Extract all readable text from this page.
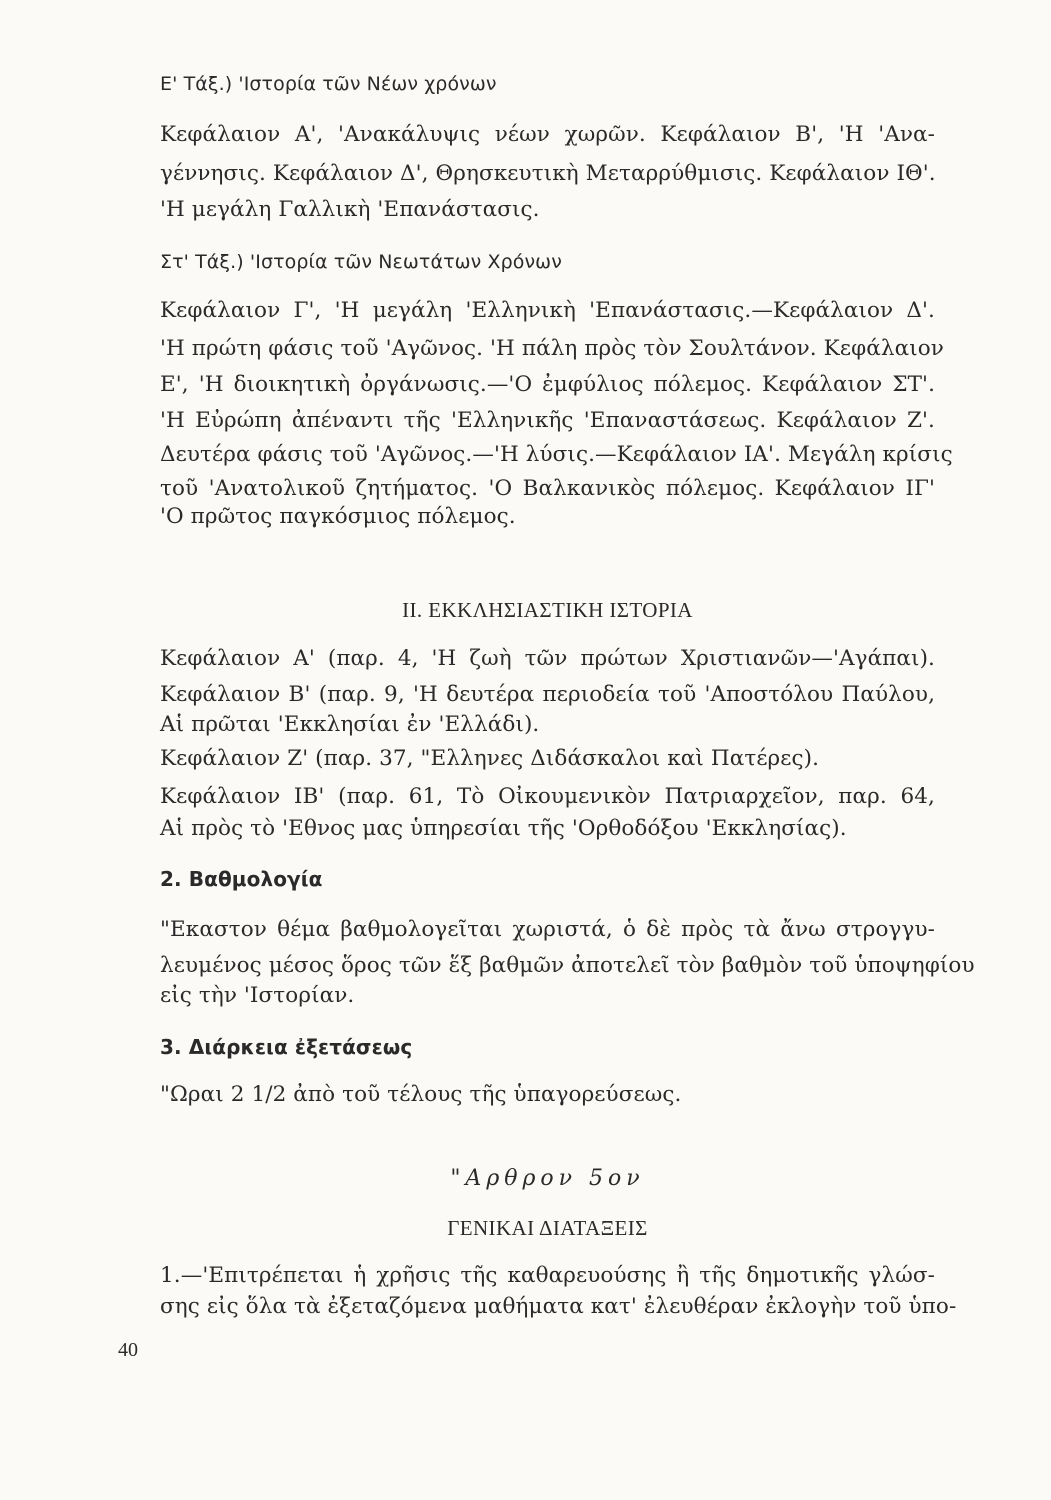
Ε' Τάξ.) 'Ιστορία τῶν Νέων χρόνων
Κεφάλαιον Α', 'Ανακάλυψις νέων χωρῶν. Κεφάλαιον Β', 'Η 'Ανα-
γέννησις. Κεφάλαιον Δ', Θρησκευτικὴ Μεταρρύθμισις. Κεφάλαιον ΙΘ'.
'Η μεγάλη Γαλλικὴ 'Επανάστασις.
Στ' Τάξ.) 'Ιστορία τῶν Νεωτάτων Χρόνων
Κεφάλαιον Γ', 'Η μεγάλη 'Ελληνικὴ 'Επανάστασις.—Κεφάλαιον Δ'.
'Η πρώτη φάσις τοῦ 'Αγῶνος. 'Η πάλη πρὸς τὸν Σουλτάνον. Κεφάλαιον
Ε', 'Η διοικητικὴ ὀργάνωσις.—'Ο ἐμφύλιος πόλεμος. Κεφάλαιον ΣΤ'.
'Η Εὐρώπη ἀπέναντι τῆς 'Ελληνικῆς 'Επαναστάσεως. Κεφάλαιον Ζ'.
Δευτέρα φάσις τοῦ 'Αγῶνος.—'Η λύσις.—Κεφάλαιον ΙΑ'. Μεγάλη κρίσις
τοῦ 'Ανατολικοῦ ζητήματος. 'Ο Βαλκανικὸς πόλεμος. Κεφάλαιον ΙΓ'
'Ο πρῶτος παγκόσμιος πόλεμος.
ΙΙ. ΕΚΚΛΗΣΙΑΣΤΙΚΗ ΙΣΤΟΡΙΑ
Κεφάλαιον Α' (παρ. 4, 'Η ζωὴ τῶν πρώτων Χριστιανῶν—'Αγάπαι).
Κεφάλαιον Β' (παρ. 9, 'Η δευτέρα περιοδεία τοῦ 'Αποστόλου Παύλου,
Αἱ πρῶται 'Εκκλησίαι ἐν 'Ελλάδι).
Κεφάλαιον Ζ' (παρ. 37, "Ελληνες Διδάσκαλοι καὶ Πατέρες).
Κεφάλαιον ΙΒ' (παρ. 61, Τὸ Οἰκουμενικὸν Πατριαρχεῖον, παρ. 64,
Αἱ πρὸς τὸ 'Εθνος μας ὑπηρεσίαι τῆς 'Ορθοδόξου 'Εκκλησίας).
2. Βαθμολογία
"Εκαστον θέμα βαθμολογεῖται χωριστά, ὁ δὲ πρὸς τὰ ἄνω στρογγυ-
λευμένος μέσος ὅρος τῶν ἕξ βαθμῶν ἀποτελεῖ τὸν βαθμὸν τοῦ ὑποψηφίου
εἰς τὴν 'Ιστορίαν.
3. Διάρκεια ἐξετάσεως
"Ωραι 2 1/2 ἀπὸ τοῦ τέλους τῆς ὑπαγορεύσεως.
"Αρθρον 5ον
ΓΕΝΙΚΑΙ ΔΙΑΤΑΞΕΙΣ
1.—'Επιτρέπεται ἡ χρῆσις τῆς καθαρευούσης ἢ τῆς δημοτικῆς γλώσ-
σης εἰς ὅλα τὰ ἐξεταζόμενα μαθήματα κατ' ἐλευθέραν ἐκλογὴν τοῦ ὑπο-
40
